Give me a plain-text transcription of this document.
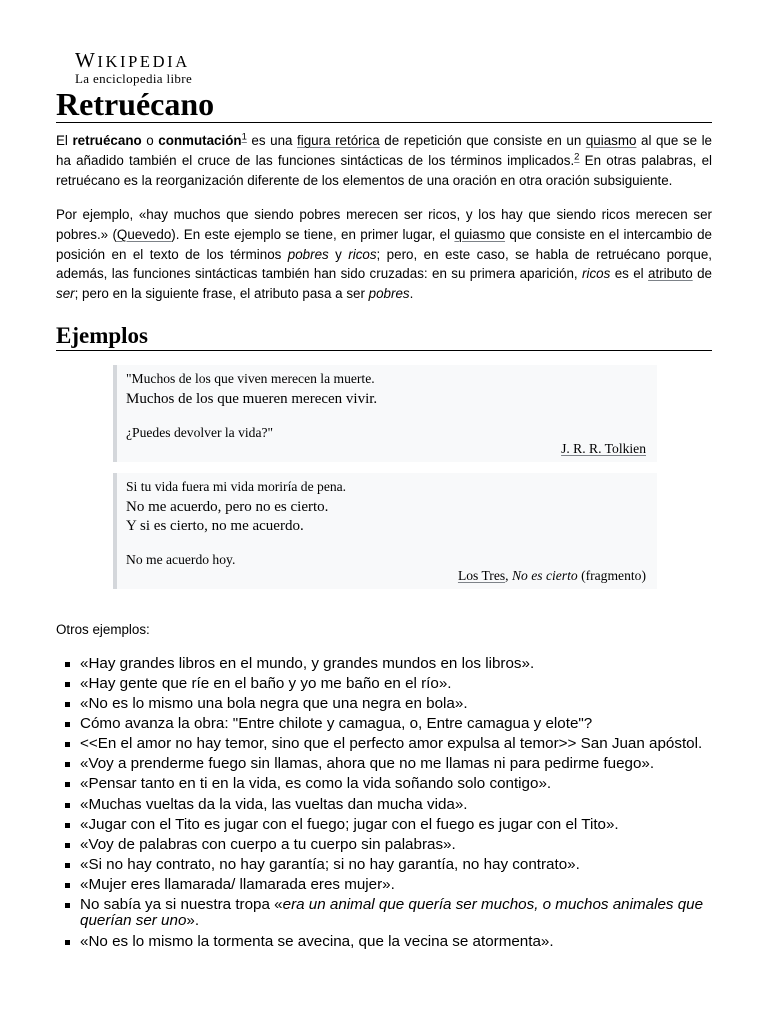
WIKIPEDIA
La enciclopedia libre
Retruécano

El retruécano o conmutación$^1$ es una figura retórica de repetición que consiste en un quiasmo al que se le ha añadido también el cruce de las funciones sintácticas de los términos implicados.$^2$ En otras palabras, el retruécano es la reorganización diferente de los elementos de una oración en otra oración subsiguiente.

Por ejemplo, «hay muchos que siendo pobres merecen ser ricos, y los hay que siendo ricos merecen ser pobres.» (Quevedo). En este ejemplo se tiene, en primer lugar, el quiasmo que consiste en el intercambio de posición en el texto de los términos pobres y ricos; pero, en este caso, se habla de retruécano porque, además, las funciones sintácticas también han sido cruzadas: en su primera aparición, ricos es el atributo de ser; pero en la siguiente frase, el atributo pasa a ser pobres.

Ejemplos
"Muchos de los que viven merecen la muerte.
Muchos de los que mueren merecen vivir.
¿Puedes devolver la vida?"
J. R. R. Tolkien
Si tu vida fuera mi vida moriría de pena.
No me acuerdo, pero no es cierto.
Y si es cierto, no me acuerdo.
No me acuerdo hoy.
Los Tres, No es cierto (fragmento)

Otros ejemplos:

«Hay grandes libros en el mundo, y grandes mundos en los libros».
«Hay gente que ríe en el baño y yo me baño en el río».
«No es lo mismo una bola negra que una negra en bola».
Cómo avanza la obra: "Entre chilote y camagua, o, Entre camagua y elote"?
<<En el amor no hay temor, sino que el perfecto amor expulsa al temor>> San Juan apóstol.
«Voy a prenderme fuego sin llamas, ahora que no me llamas ni para pedirme fuego».
«Pensar tanto en ti en la vida, es como la vida soñando solo contigo».
«Muchas vueltas da la vida, las vueltas dan mucha vida».
«Jugar con el Tito es jugar con el fuego; jugar con el fuego es jugar con el Tito».
«Voy de palabras con cuerpo a tu cuerpo sin palabras».
«Si no hay contrato, no hay garantía; si no hay garantía, no hay contrato».
«Mujer eres llamarada/ llamarada eres mujer».
No sabía ya si nuestra tropa «era un animal que quería ser muchos, o muchos animales que querían ser uno».
«No es lo mismo la tormenta se avecina, que la vecina se atormenta».
